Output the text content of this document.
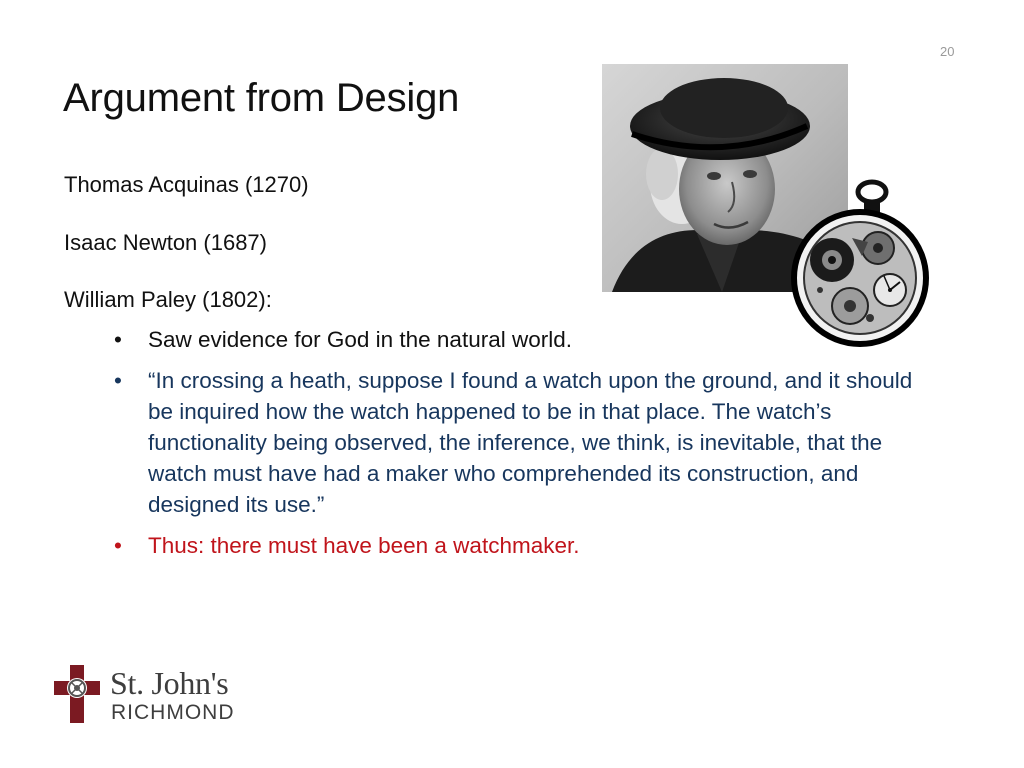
20
Argument from Design

Thomas Acquinas (1270)

Isaac Newton (1687)

William Paley (1802):

•	Saw evidence for God in the natural world.
•	“In crossing a heath, suppose I found a watch upon the ground, and it should be inquired how the watch happened to be in that place. The watch’s functionality being observed, the inference, we think, is inevitable, that the watch must have had a maker who comprehended its construction, and designed its use.”
•	Thus: there must have been a watchmaker.
St. John's
RICHMOND
